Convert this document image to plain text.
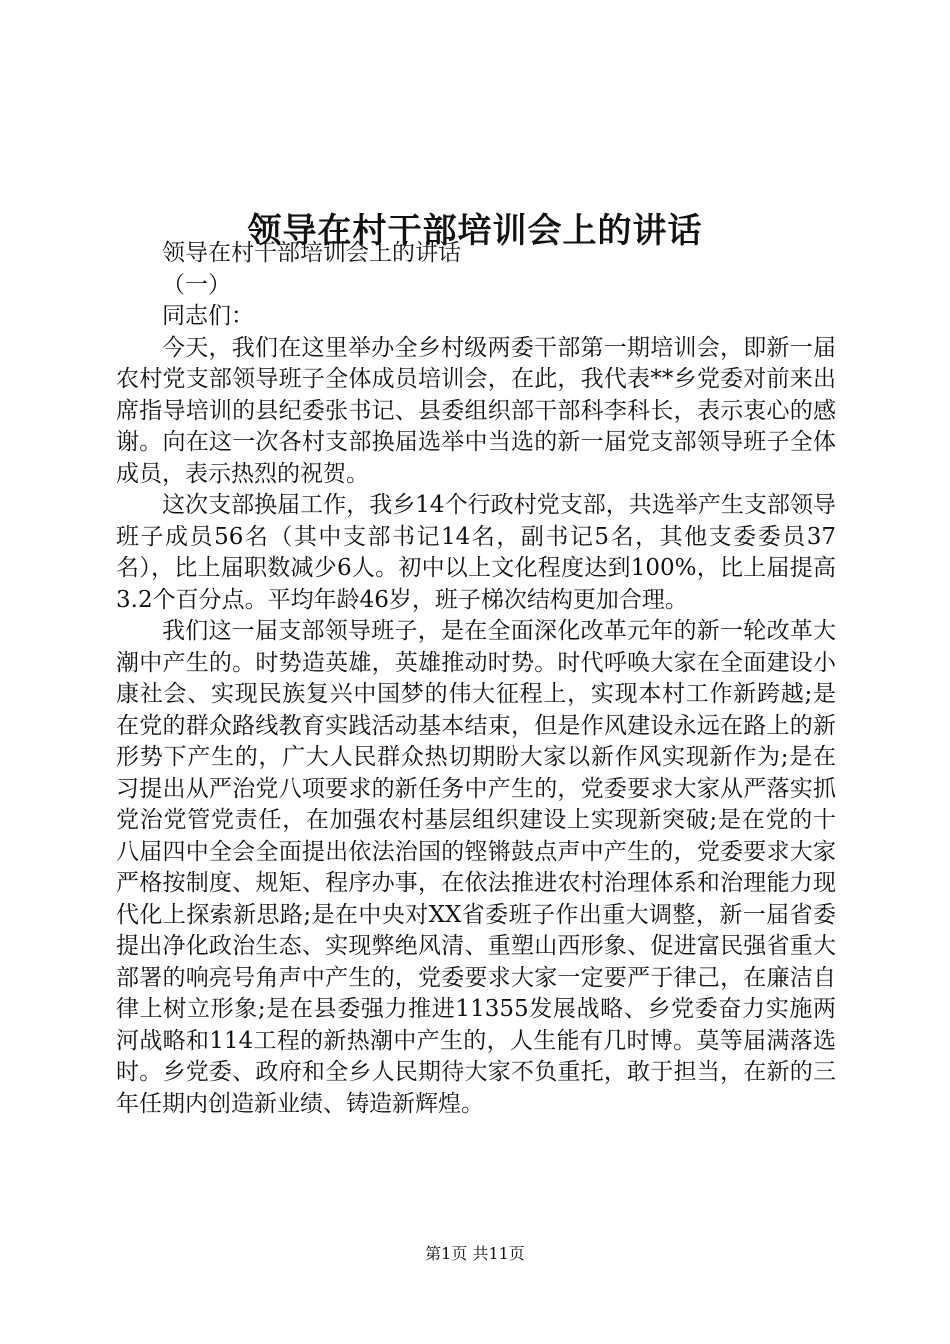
领导在村干部培训会上的讲话

领导在村干部培训会上的讲话

（一）

同志们：

今天，我们在这里举办全乡村级两委干部第一期培训会，即新一届农村党支部领导班子全体成员培训会，在此，我代表**乡党委对前来出席指导培训的县纪委张书记、县委组织部干部科李科长，表示衷心的感谢。向在这一次各村支部换届选举中当选的新一届党支部领导班子全体成员，表示热烈的祝贺。

这次支部换届工作，我乡14个行政村党支部，共选举产生支部领导班子成员56名（其中支部书记14名，副书记5名，其他支委委员37名），比上届职数减少6人。初中以上文化程度达到100%，比上届提高3.2个百分点。平均年龄46岁，班子梯次结构更加合理。

我们这一届支部领导班子，是在全面深化改革元年的新一轮改革大潮中产生的。时势造英雄，英雄推动时势。时代呼唤大家在全面建设小康社会、实现民族复兴中国梦的伟大征程上，实现本村工作新跨越;是在党的群众路线教育实践活动基本结束，但是作风建设永远在路上的新形势下产生的，广大人民群众热切期盼大家以新作风实现新作为;是在习提出从严治党八项要求的新任务中产生的，党委要求大家从严落实抓党治党管党责任，在加强农村基层组织建设上实现新突破;是在党的十八届四中全会全面提出依法治国的铿锵鼓点声中产生的，党委要求大家严格按制度、规矩、程序办事，在依法推进农村治理体系和治理能力现代化上探索新思路;是在中央对XX省委班子作出重大调整，新一届省委提出净化政治生态、实现弊绝风清、重塑山西形象、促进富民强省重大部署的响亮号角声中产生的，党委要求大家一定要严于律己，在廉洁自律上树立形象;是在县委强力推进11355发展战略、乡党委奋力实施两河战略和114工程的新热潮中产生的，人生能有几时博。莫等届满落选时。乡党委、政府和全乡人民期待大家不负重托，敢于担当，在新的三年任期内创造新业绩、铸造新辉煌。

第1页 共11页
